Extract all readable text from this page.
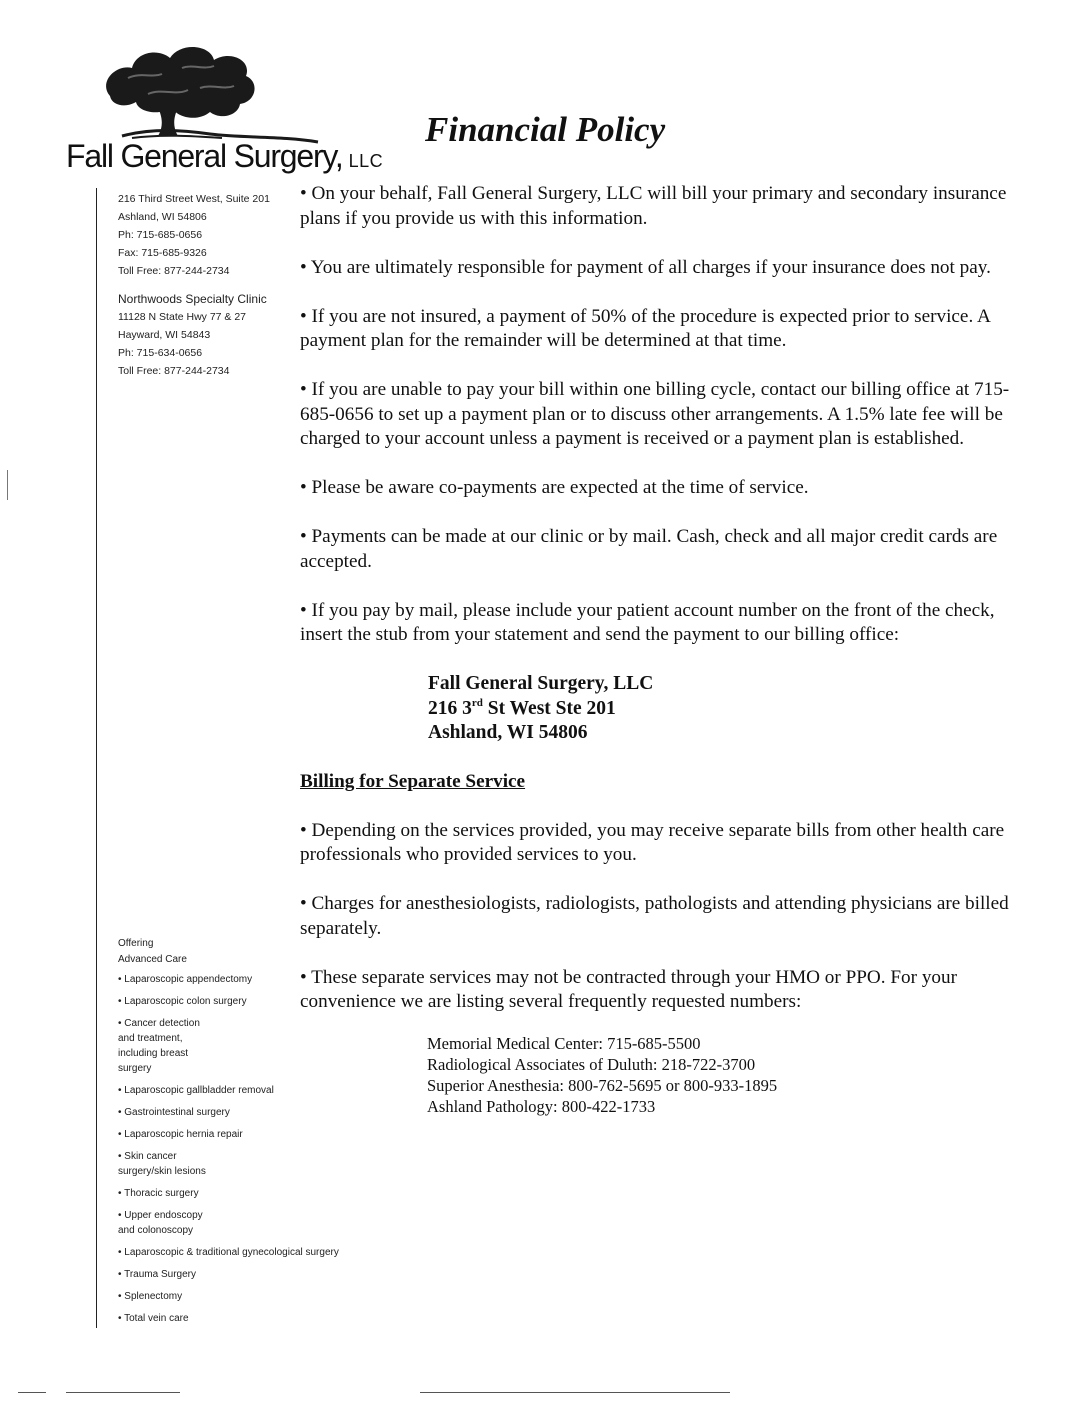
Fall General Surgery, LLC
Financial Policy
216 Third Street West, Suite 201
Ashland, WI 54806
Ph: 715-685-0656
Fax: 715-685-9326
Toll Free: 877-244-2734
Northwoods Specialty Clinic
11128 N State Hwy 77 & 27
Hayward, WI 54843
Ph: 715-634-0656
Toll Free: 877-244-2734
Offering
Advanced Care
• Laparoscopic appendectomy
• Laparoscopic colon surgery
• Cancer detection
and treatment,
including breast
surgery
• Laparoscopic gallbladder removal
• Gastrointestinal surgery
• Laparoscopic hernia repair
• Skin cancer
surgery/skin lesions
• Thoracic surgery
• Upper endoscopy
and colonoscopy
• Laparoscopic & traditional gynecological surgery
• Trauma Surgery
• Splenectomy
• Total vein care

• On your behalf, Fall General Surgery, LLC will bill your primary and secondary insurance plans if you provide us with this information.

• You are ultimately responsible for payment of all charges if your insurance does not pay.

• If you are not insured, a payment of 50% of the procedure is expected prior to service. A payment plan for the remainder will be determined at that time.

• If you are unable to pay your bill within one billing cycle, contact our billing office at 715-685-0656 to set up a payment plan or to discuss other arrangements. A 1.5% late fee will be charged to your account unless a payment is received or a payment plan is established.

• Please be aware co-payments are expected at the time of service.

• Payments can be made at our clinic or by mail. Cash, check and all major credit cards are accepted.

• If you pay by mail, please include your patient account number on the front of the check, insert the stub from your statement and send the payment to our billing office:

Fall General Surgery, LLC
216 3rd St West Ste 201
Ashland, WI 54806
Billing for Separate Service

• Depending on the services provided, you may receive separate bills from other health care professionals who provided services to you.

• Charges for anesthesiologists, radiologists, pathologists and attending physicians are billed separately.

• These separate services may not be contracted through your HMO or PPO. For your convenience we are listing several frequently requested numbers:

Memorial Medical Center: 715-685-5500
Radiological Associates of Duluth: 218-722-3700
Superior Anesthesia: 800-762-5695 or 800-933-1895
Ashland Pathology: 800-422-1733
